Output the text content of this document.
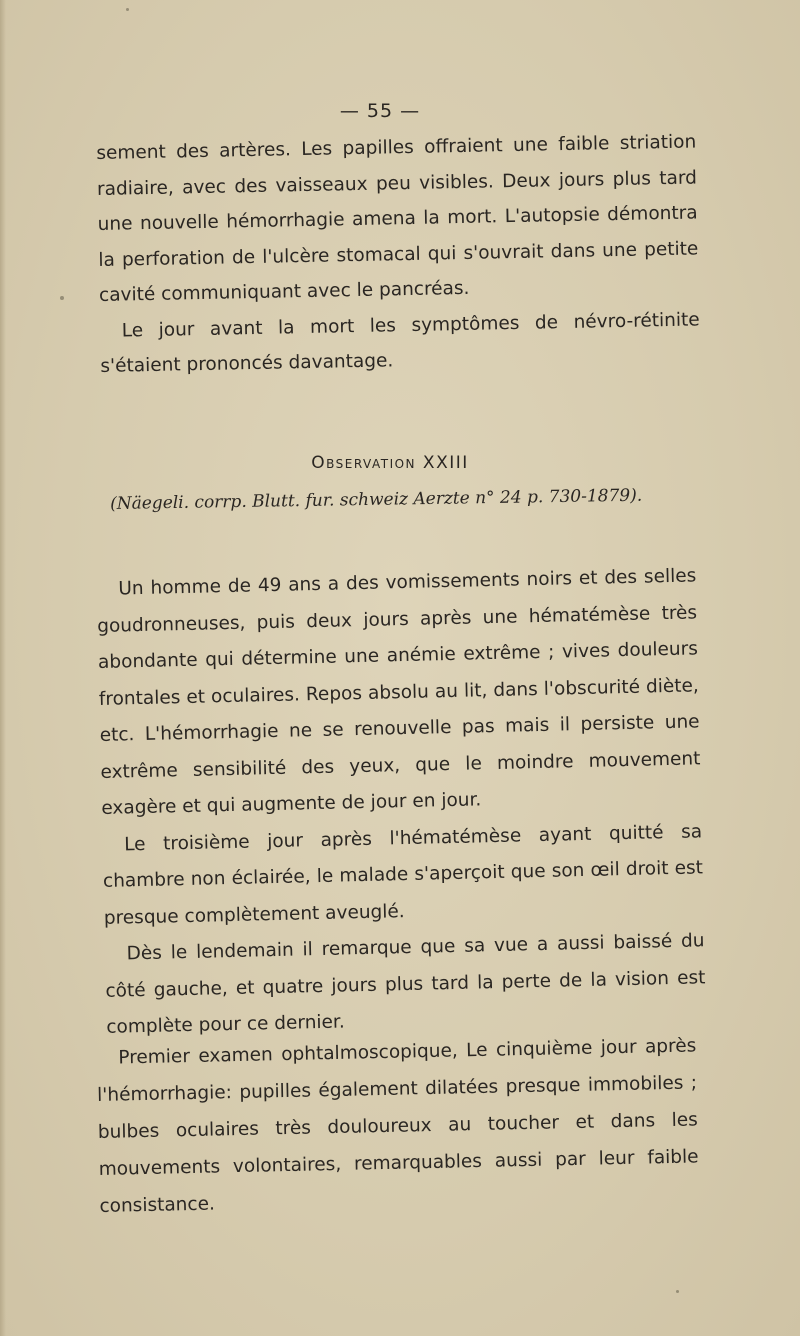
— 55 —

sement des artères. Les papilles offraient une faible striation radiaire, avec des vaisseaux peu visibles. Deux jours plus tard une nouvelle hémorrhagie amena la mort. L'autopsie démontra la perforation de l'ulcère stomacal qui s'ouvrait dans une petite cavité communiquant avec le pancréas.

Le jour avant la mort les symptômes de névro-rétinite s'étaient prononcés davantage.

Observation XXIII
(Näegeli. corrp. Blutt. fur. schweiz Aerzte n° 24 p. 730-1879).

Un homme de 49 ans a des vomissements noirs et des selles goudronneuses, puis deux jours après une hématémèse très abondante qui détermine une anémie extrême ; vives douleurs frontales et oculaires. Repos absolu au lit, dans l'obscurité diète, etc. L'hémorrhagie ne se renouvelle pas mais il persiste une extrême sensibilité des yeux, que le moindre mouvement exagère et qui augmente de jour en jour.

Le troisième jour après l'hématémèse ayant quitté sa chambre non éclairée, le malade s'aperçoit que son œil droit est presque complètement aveuglé.

Dès le lendemain il remarque que sa vue a aussi baissé du côté gauche, et quatre jours plus tard la perte de la vision est complète pour ce dernier.

Premier examen ophtalmoscopique, Le cinquième jour après l'hémorrhagie: pupilles également dilatées presque immobiles ; bulbes oculaires très douloureux au toucher et dans les mouvements volontaires, remarquables aussi par leur faible consistance.
